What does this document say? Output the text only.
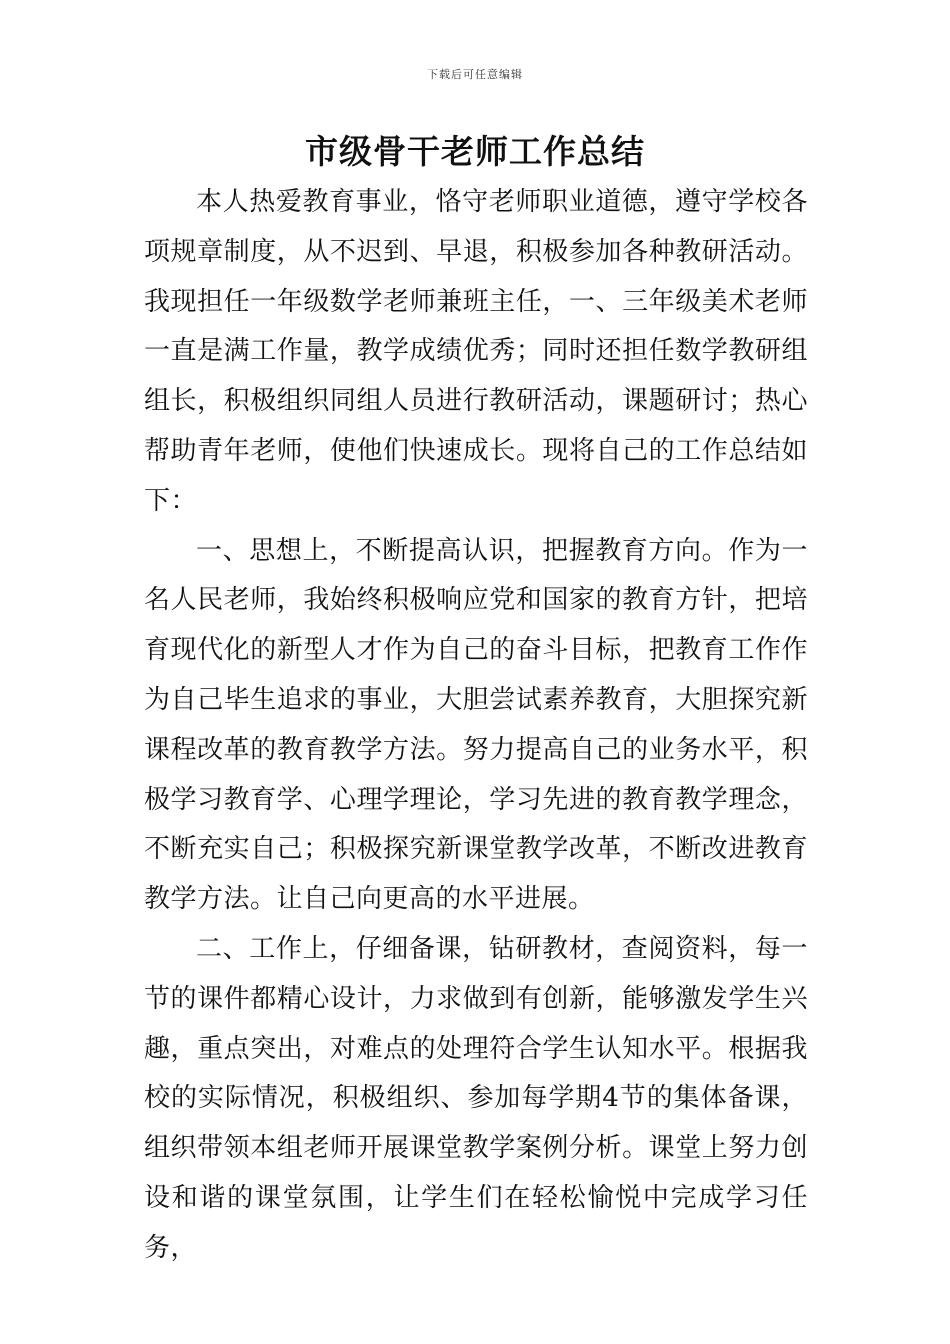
下载后可任意编辑
市级骨干老师工作总结

本人热爱教育事业，恪守老师职业道德，遵守学校各项规章制度，从不迟到、早退，积极参加各种教研活动。我现担任一年级数学老师兼班主任，一、三年级美术老师一直是满工作量，教学成绩优秀；同时还担任数学教研组组长，积极组织同组人员进行教研活动，课题研讨；热心帮助青年老师，使他们快速成长。现将自己的工作总结如下：

一、思想上，不断提高认识，把握教育方向。作为一名人民老师，我始终积极响应党和国家的教育方针，把培育现代化的新型人才作为自己的奋斗目标，把教育工作作为自己毕生追求的事业，大胆尝试素养教育，大胆探究新课程改革的教育教学方法。努力提高自己的业务水平，积极学习教育学、心理学理论，学习先进的教育教学理念，不断充实自己；积极探究新课堂教学改革，不断改进教育教学方法。让自己向更高的水平进展。

二、工作上，仔细备课，钻研教材，查阅资料，每一节的课件都精心设计，力求做到有创新，能够激发学生兴趣，重点突出，对难点的处理符合学生认知水平。根据我校的实际情况，积极组织、参加每学期4节的集体备课，组织带领本组老师开展课堂教学案例分析。课堂上努力创设和谐的课堂氛围，让学生们在轻松愉悦中完成学习任务，
